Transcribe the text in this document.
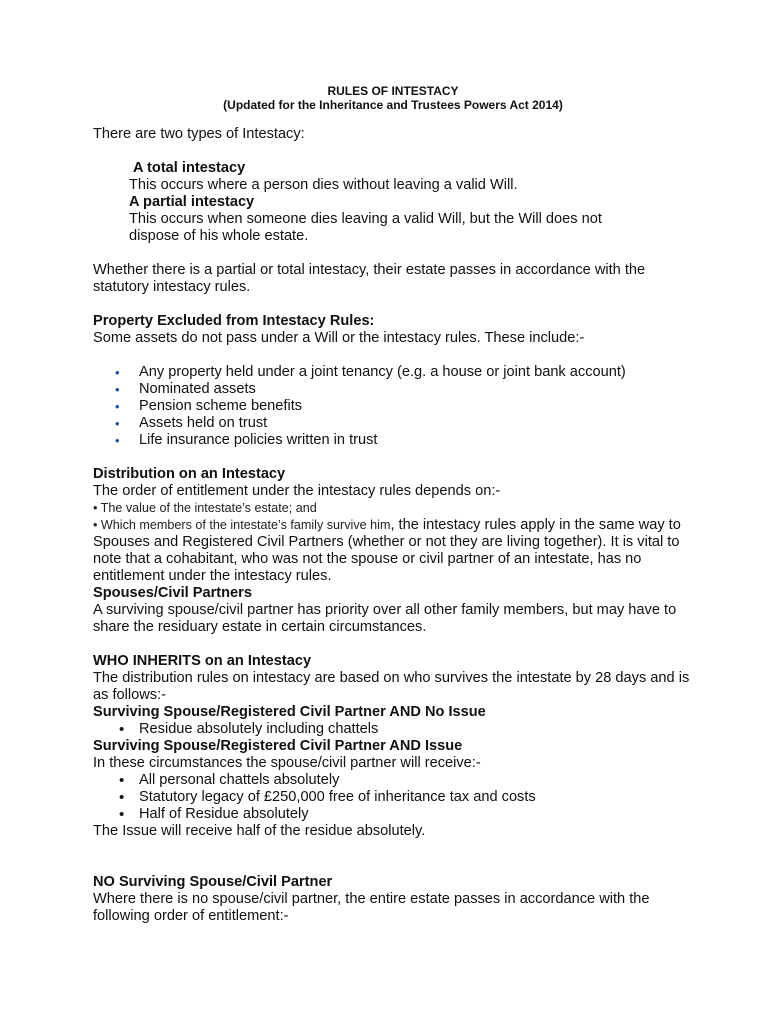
RULES OF INTESTACY
(Updated for the Inheritance and Trustees Powers Act 2014)

There are two types of Intestacy:

A total intestacy
This occurs where a person dies without leaving a valid Will.
A partial intestacy
This occurs when someone dies leaving a valid Will, but the Will does not dispose of his whole estate.

Whether there is a partial or total intestacy, their estate passes in accordance with the statutory intestacy rules.

Property Excluded from Intestacy Rules:
Some assets do not pass under a Will or the intestacy rules. These include:-
• Any property held under a joint tenancy (e.g. a house or joint bank account)
• Nominated assets
• Pension scheme benefits
• Assets held on trust
• Life insurance policies written in trust
Distribution on an Intestacy
The order of entitlement under the intestacy rules depends on:-
• The value of the intestate’s estate; and
• Which members of the intestate’s family survive him, the intestacy rules apply in the same way to Spouses and Registered Civil Partners (whether or not they are living together). It is vital to note that a cohabitant, who was not the spouse or civil partner of an intestate, has no entitlement under the intestacy rules.
Spouses/Civil Partners
A surviving spouse/civil partner has priority over all other family members, but may have to share the residuary estate in certain circumstances.
WHO INHERITS on an Intestacy
The distribution rules on intestacy are based on who survives the intestate by 28 days and is as follows:-
Surviving Spouse/Registered Civil Partner AND No Issue
• Residue absolutely including chattels
Surviving Spouse/Registered Civil Partner AND Issue
In these circumstances the spouse/civil partner will receive:-
• All personal chattels absolutely
• Statutory legacy of £250,000 free of inheritance tax and costs
• Half of Residue absolutely
The Issue will receive half of the residue absolutely.
NO Surviving Spouse/Civil Partner
Where there is no spouse/civil partner, the entire estate passes in accordance with the following order of entitlement:-
